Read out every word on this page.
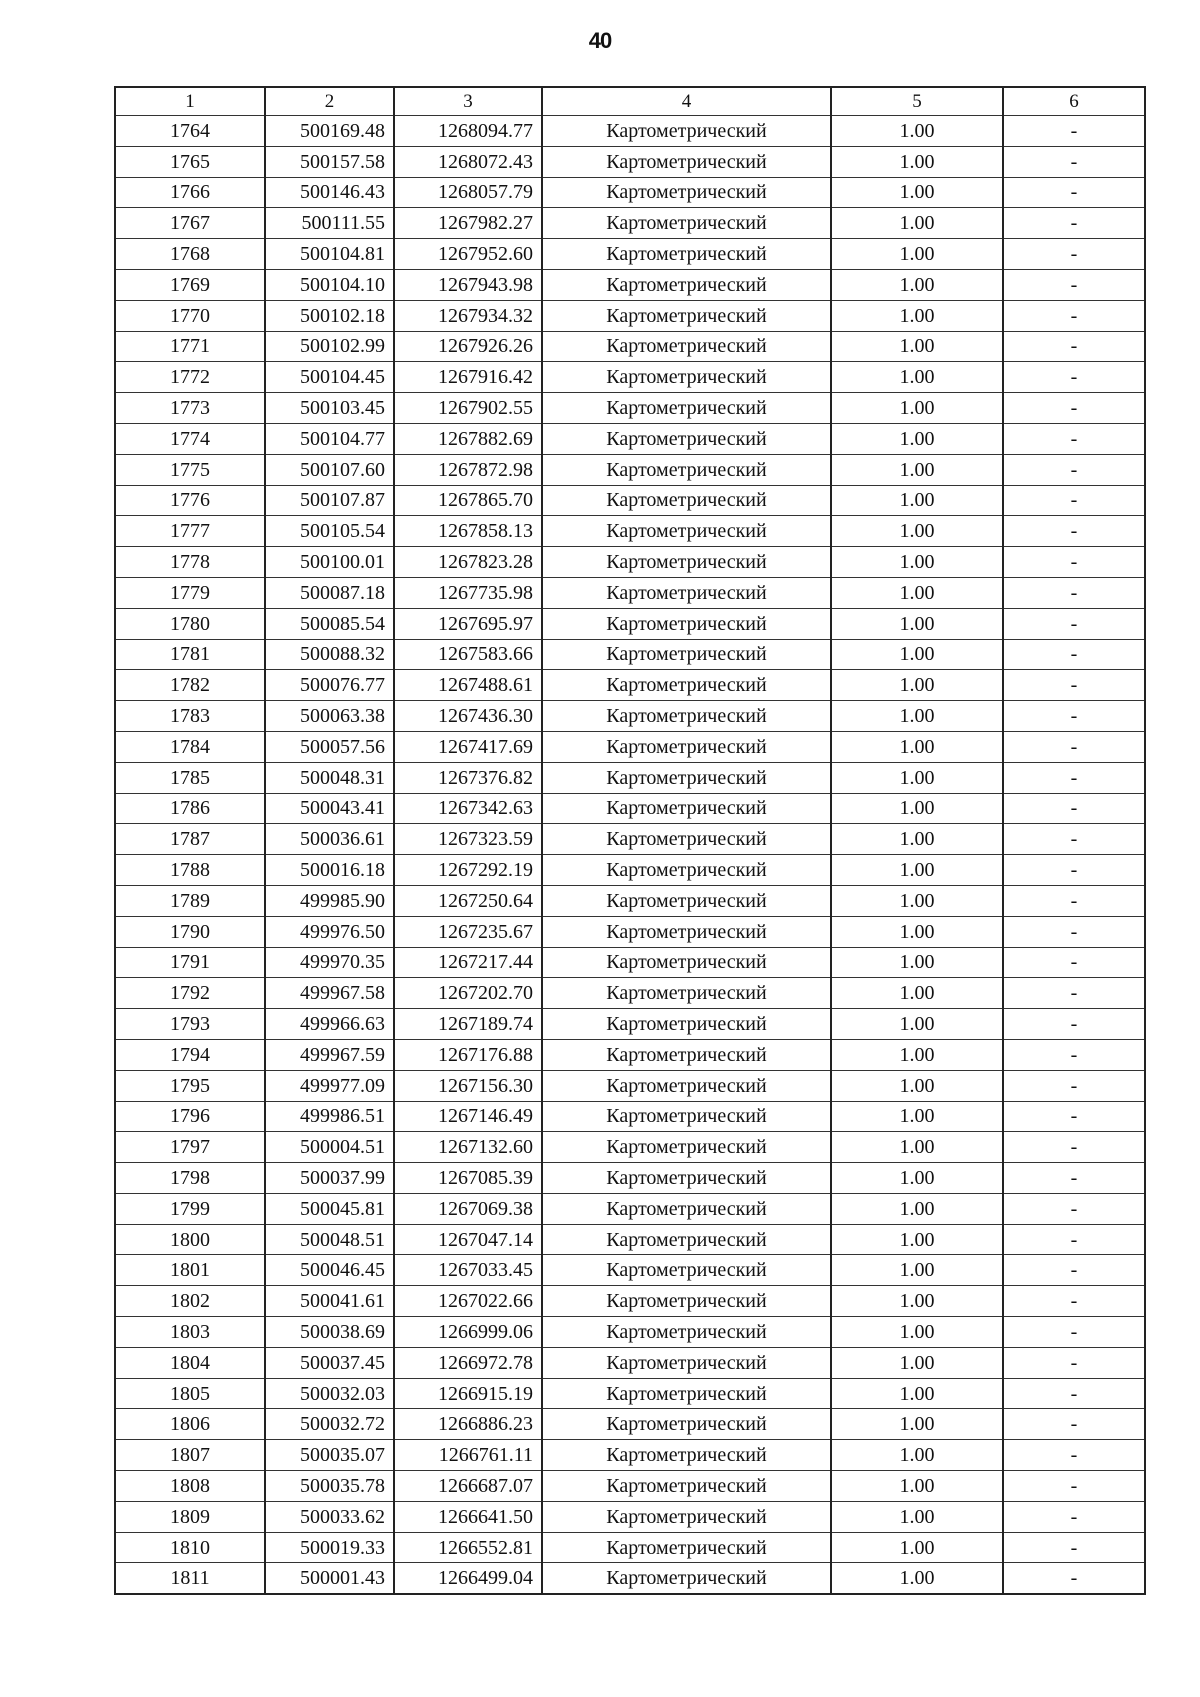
40
1	2	3	4	5	6
1764	500169.48	1268094.77	Картометрический	1.00	-
1765	500157.58	1268072.43	Картометрический	1.00	-
1766	500146.43	1268057.79	Картометрический	1.00	-
1767	500111.55	1267982.27	Картометрический	1.00	-
1768	500104.81	1267952.60	Картометрический	1.00	-
1769	500104.10	1267943.98	Картометрический	1.00	-
1770	500102.18	1267934.32	Картометрический	1.00	-
1771	500102.99	1267926.26	Картометрический	1.00	-
1772	500104.45	1267916.42	Картометрический	1.00	-
1773	500103.45	1267902.55	Картометрический	1.00	-
1774	500104.77	1267882.69	Картометрический	1.00	-
1775	500107.60	1267872.98	Картометрический	1.00	-
1776	500107.87	1267865.70	Картометрический	1.00	-
1777	500105.54	1267858.13	Картометрический	1.00	-
1778	500100.01	1267823.28	Картометрический	1.00	-
1779	500087.18	1267735.98	Картометрический	1.00	-
1780	500085.54	1267695.97	Картометрический	1.00	-
1781	500088.32	1267583.66	Картометрический	1.00	-
1782	500076.77	1267488.61	Картометрический	1.00	-
1783	500063.38	1267436.30	Картометрический	1.00	-
1784	500057.56	1267417.69	Картометрический	1.00	-
1785	500048.31	1267376.82	Картометрический	1.00	-
1786	500043.41	1267342.63	Картометрический	1.00	-
1787	500036.61	1267323.59	Картометрический	1.00	-
1788	500016.18	1267292.19	Картометрический	1.00	-
1789	499985.90	1267250.64	Картометрический	1.00	-
1790	499976.50	1267235.67	Картометрический	1.00	-
1791	499970.35	1267217.44	Картометрический	1.00	-
1792	499967.58	1267202.70	Картометрический	1.00	-
1793	499966.63	1267189.74	Картометрический	1.00	-
1794	499967.59	1267176.88	Картометрический	1.00	-
1795	499977.09	1267156.30	Картометрический	1.00	-
1796	499986.51	1267146.49	Картометрический	1.00	-
1797	500004.51	1267132.60	Картометрический	1.00	-
1798	500037.99	1267085.39	Картометрический	1.00	-
1799	500045.81	1267069.38	Картометрический	1.00	-
1800	500048.51	1267047.14	Картометрический	1.00	-
1801	500046.45	1267033.45	Картометрический	1.00	-
1802	500041.61	1267022.66	Картометрический	1.00	-
1803	500038.69	1266999.06	Картометрический	1.00	-
1804	500037.45	1266972.78	Картометрический	1.00	-
1805	500032.03	1266915.19	Картометрический	1.00	-
1806	500032.72	1266886.23	Картометрический	1.00	-
1807	500035.07	1266761.11	Картометрический	1.00	-
1808	500035.78	1266687.07	Картометрический	1.00	-
1809	500033.62	1266641.50	Картометрический	1.00	-
1810	500019.33	1266552.81	Картометрический	1.00	-
1811	500001.43	1266499.04	Картометрический	1.00	-
